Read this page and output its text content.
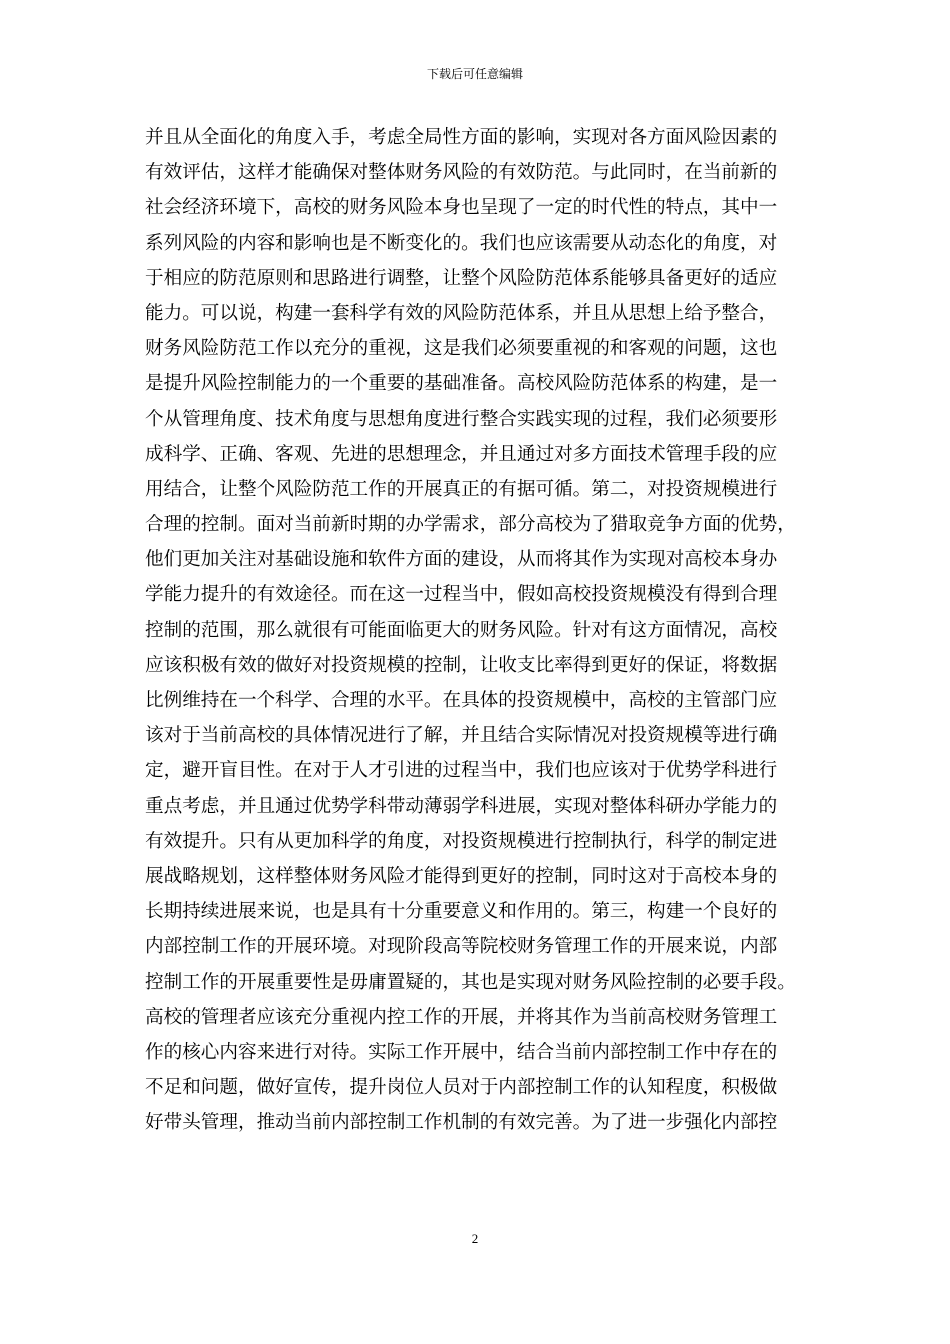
下载后可任意编辑
并且从全面化的角度入手，考虑全局性方面的影响，实现对各方面风险因素的
有效评估，这样才能确保对整体财务风险的有效防范。与此同时，在当前新的
社会经济环境下，高校的财务风险本身也呈现了一定的时代性的特点，其中一
系列风险的内容和影响也是不断变化的。我们也应该需要从动态化的角度，对
于相应的防范原则和思路进行调整，让整个风险防范体系能够具备更好的适应
能力。可以说，构建一套科学有效的风险防范体系，并且从思想上给予整合，
财务风险防范工作以充分的重视，这是我们必须要重视的和客观的问题，这也
是提升风险控制能力的一个重要的基础准备。高校风险防范体系的构建，是一
个从管理角度、技术角度与思想角度进行整合实践实现的过程，我们必须要形
成科学、正确、客观、先进的思想理念，并且通过对多方面技术管理手段的应
用结合，让整个风险防范工作的开展真正的有据可循。第二，对投资规模进行
合理的控制。面对当前新时期的办学需求，部分高校为了猎取竞争方面的优势，
他们更加关注对基础设施和软件方面的建设，从而将其作为实现对高校本身办
学能力提升的有效途径。而在这一过程当中，假如高校投资规模没有得到合理
控制的范围，那么就很有可能面临更大的财务风险。针对有这方面情况，高校
应该积极有效的做好对投资规模的控制，让收支比率得到更好的保证，将数据
比例维持在一个科学、合理的水平。在具体的投资规模中，高校的主管部门应
该对于当前高校的具体情况进行了解，并且结合实际情况对投资规模等进行确
定，避开盲目性。在对于人才引进的过程当中，我们也应该对于优势学科进行
重点考虑，并且通过优势学科带动薄弱学科进展，实现对整体科研办学能力的
有效提升。只有从更加科学的角度，对投资规模进行控制执行，科学的制定进
展战略规划，这样整体财务风险才能得到更好的控制，同时这对于高校本身的
长期持续进展来说，也是具有十分重要意义和作用的。第三，构建一个良好的
内部控制工作的开展环境。对现阶段高等院校财务管理工作的开展来说，内部
控制工作的开展重要性是毋庸置疑的，其也是实现对财务风险控制的必要手段。
高校的管理者应该充分重视内控工作的开展，并将其作为当前高校财务管理工
作的核心内容来进行对待。实际工作开展中，结合当前内部控制工作中存在的
不足和问题，做好宣传，提升岗位人员对于内部控制工作的认知程度，积极做
好带头管理，推动当前内部控制工作机制的有效完善。为了进一步强化内部控
2
